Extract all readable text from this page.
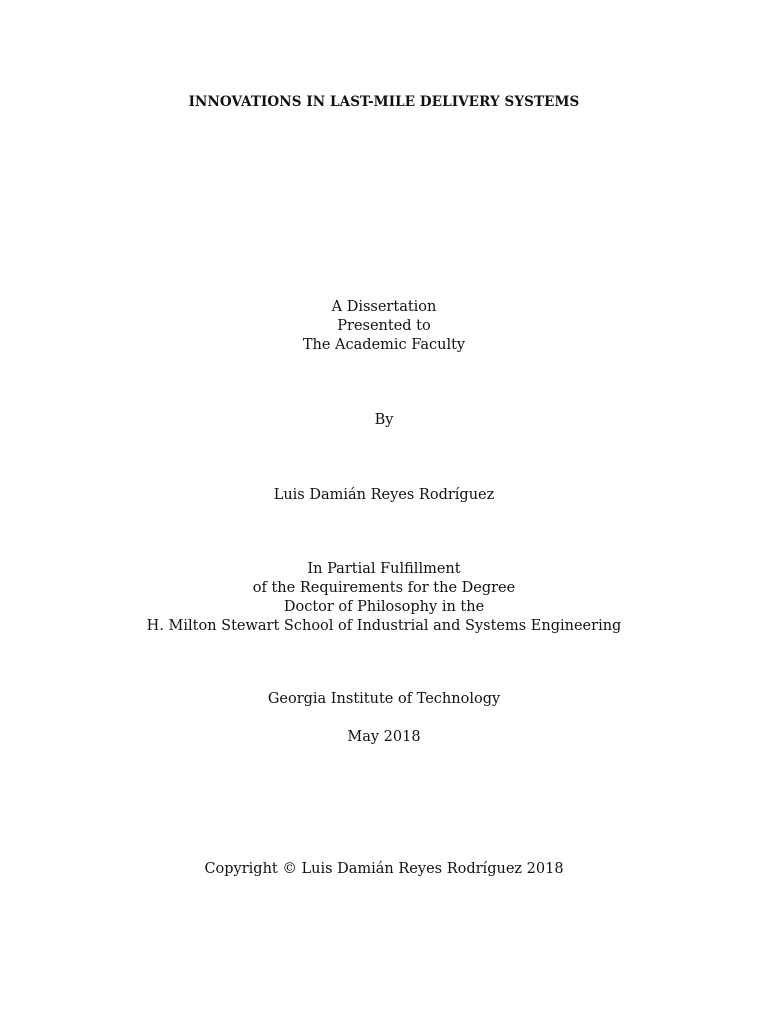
INNOVATIONS IN LAST-MILE DELIVERY SYSTEMS
A Dissertation
Presented to
The Academic Faculty
By
Luis Damián Reyes Rodríguez
In Partial Fulfillment
of the Requirements for the Degree
Doctor of Philosophy in the
H. Milton Stewart School of Industrial and Systems Engineering
Georgia Institute of Technology
May 2018
Copyright © Luis Damián Reyes Rodríguez 2018
